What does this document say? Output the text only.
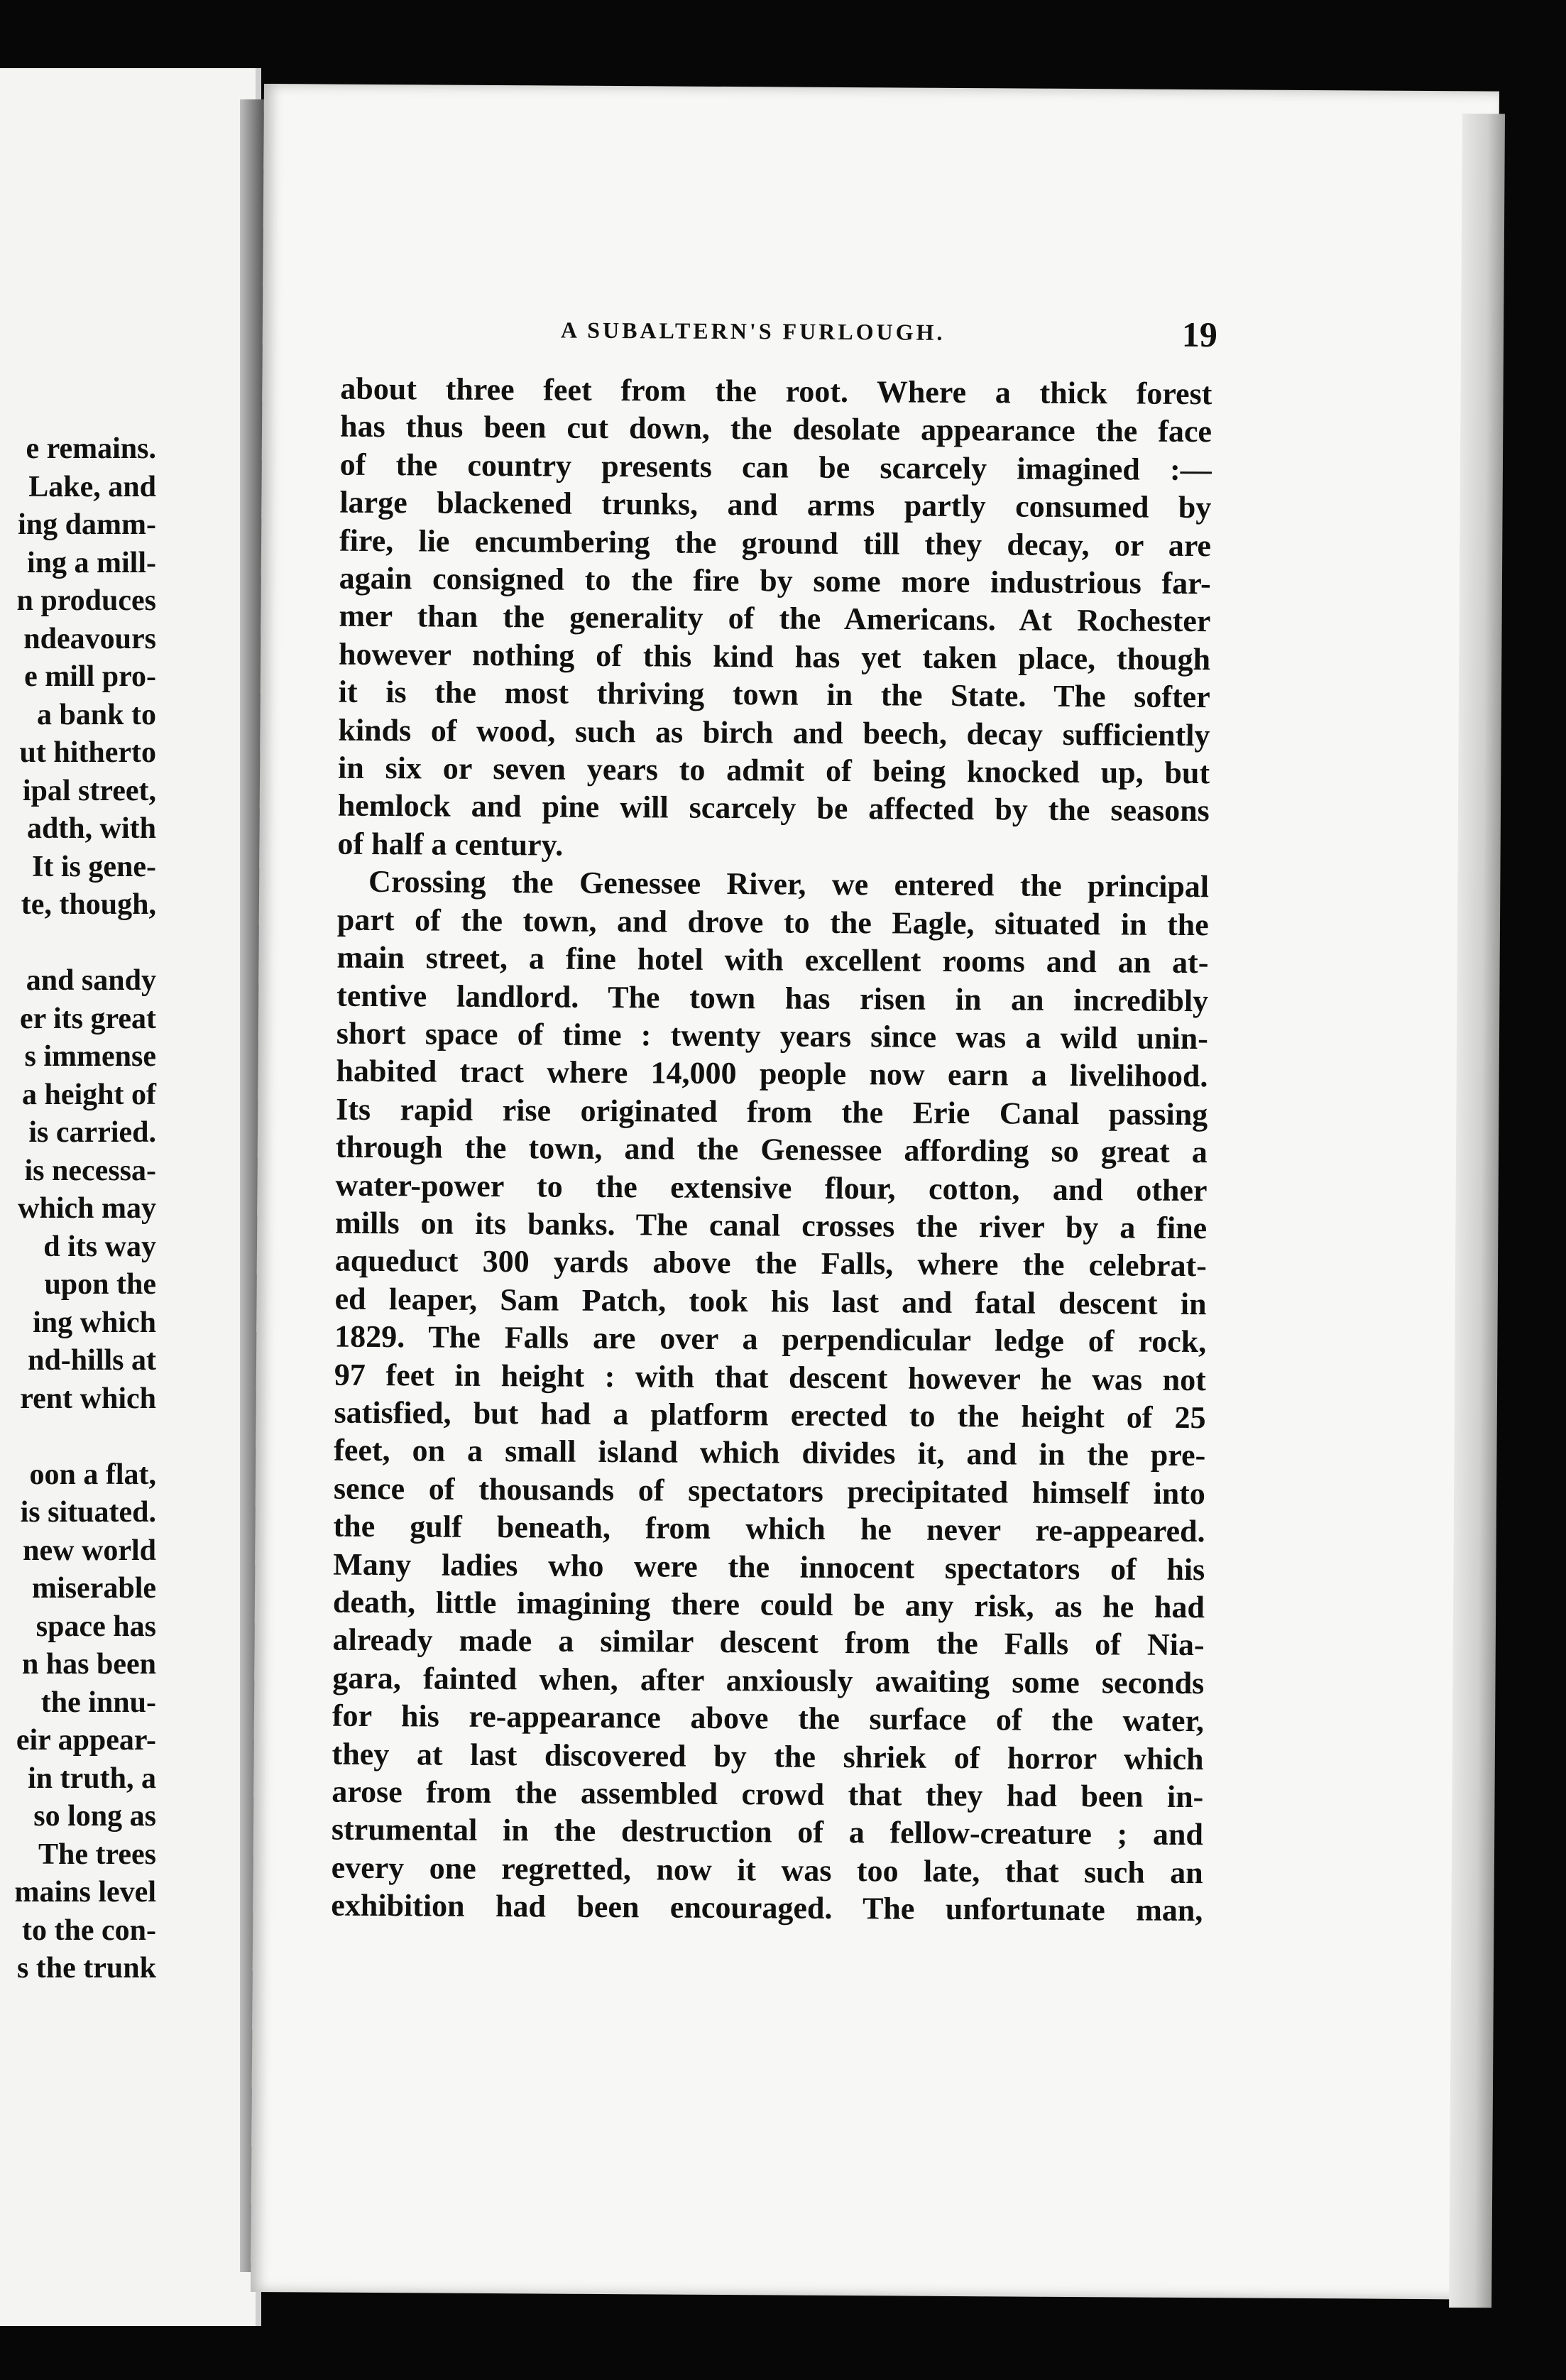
e remains.
Lake, and
ing damm-
ing a mill-
n produces
ndeavours
e mill pro-
a bank to
ut hitherto
ipal street,
adth, with
It is gene-
te, though,

and sandy
er its great
s immense
a height of
is carried.
is necessa-
which may
d its way
upon the
ing which
nd-hills at
rent which

oon a flat,
is situated.
new world
miserable
space has
n has been
the innu-
eir appear-
in truth, a
so long as
The trees
mains level
to the con-
s the trunk
A SUBALTERN'S FURLOUGH.	19
about three feet from the root. Where a thick forest
has thus been cut down, the desolate appearance the face
of the country presents can be scarcely imagined :—
large blackened trunks, and arms partly consumed by
fire, lie encumbering the ground till they decay, or are
again consigned to the fire by some more industrious far-
mer than the generality of the Americans. At Rochester
however nothing of this kind has yet taken place, though
it is the most thriving town in the State. The softer
kinds of wood, such as birch and beech, decay sufficiently
in six or seven years to admit of being knocked up, but
hemlock and pine will scarcely be affected by the seasons
of half a century.
Crossing the Genessee River, we entered the principal
part of the town, and drove to the Eagle, situated in the
main street, a fine hotel with excellent rooms and an at-
tentive landlord. The town has risen in an incredibly
short space of time : twenty years since was a wild unin-
habited tract where 14,000 people now earn a livelihood.
Its rapid rise originated from the Erie Canal passing
through the town, and the Genessee affording so great a
water-power to the extensive flour, cotton, and other
mills on its banks. The canal crosses the river by a fine
aqueduct 300 yards above the Falls, where the celebrat-
ed leaper, Sam Patch, took his last and fatal descent in
1829. The Falls are over a perpendicular ledge of rock,
97 feet in height : with that descent however he was not
satisfied, but had a platform erected to the height of 25
feet, on a small island which divides it, and in the pre-
sence of thousands of spectators precipitated himself into
the gulf beneath, from which he never re-appeared.
Many ladies who were the innocent spectators of his
death, little imagining there could be any risk, as he had
already made a similar descent from the Falls of Nia-
gara, fainted when, after anxiously awaiting some seconds
for his re-appearance above the surface of the water,
they at last discovered by the shriek of horror which
arose from the assembled crowd that they had been in-
strumental in the destruction of a fellow-creature ; and
every one regretted, now it was too late, that such an
exhibition had been encouraged. The unfortunate man,
